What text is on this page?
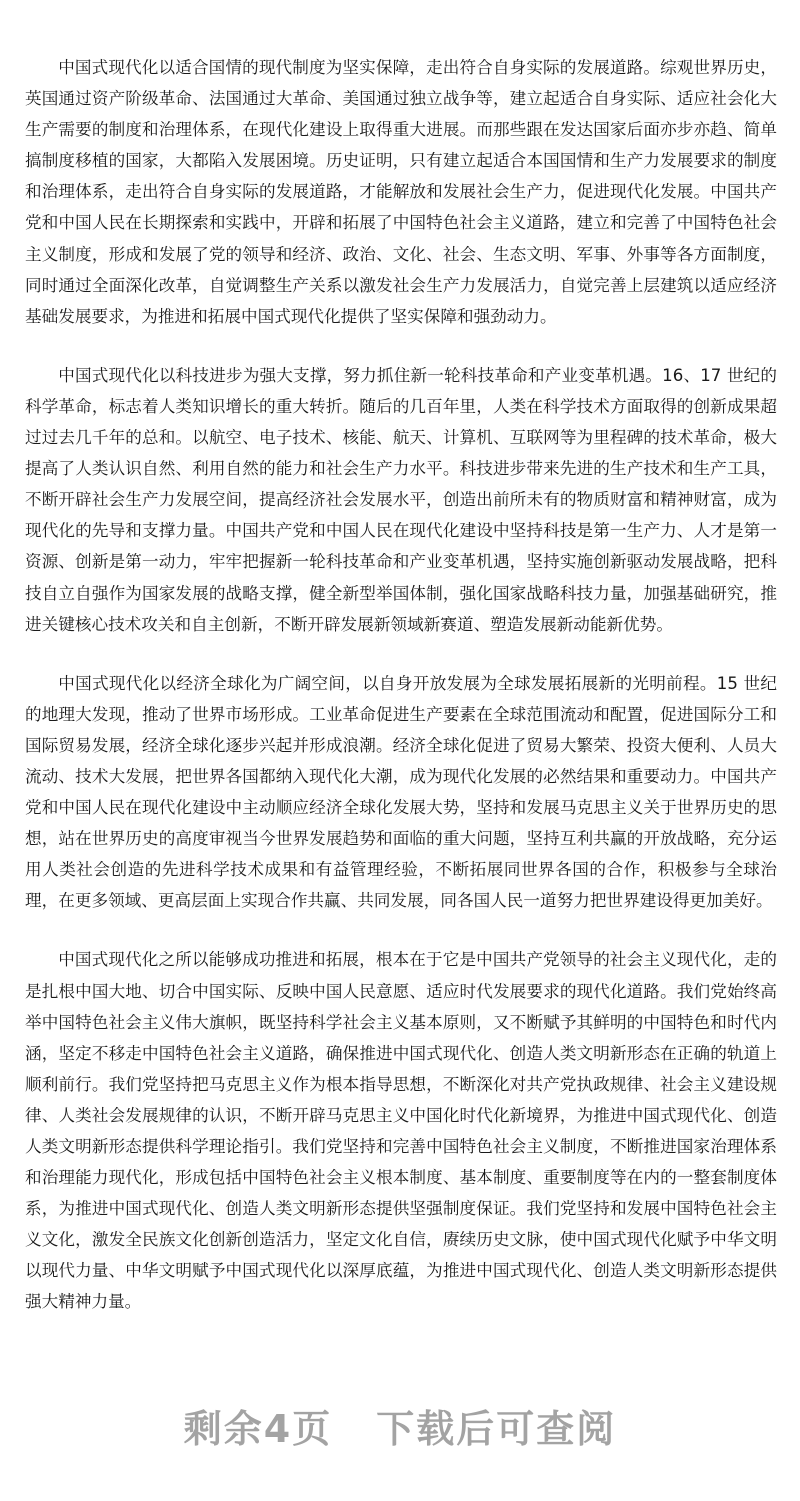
中国式现代化以适合国情的现代制度为坚实保障，走出符合自身实际的发展道路。综观世界历史，英国通过资产阶级革命、法国通过大革命、美国通过独立战争等，建立起适合自身实际、适应社会化大生产需要的制度和治理体系，在现代化建设上取得重大进展。而那些跟在发达国家后面亦步亦趋、简单搞制度移植的国家，大都陷入发展困境。历史证明，只有建立起适合本国国情和生产力发展要求的制度和治理体系，走出符合自身实际的发展道路，才能解放和发展社会生产力，促进现代化发展。中国共产党和中国人民在长期探索和实践中，开辟和拓展了中国特色社会主义道路，建立和完善了中国特色社会主义制度，形成和发展了党的领导和经济、政治、文化、社会、生态文明、军事、外事等各方面制度，同时通过全面深化改革，自觉调整生产关系以激发社会生产力发展活力，自觉完善上层建筑以适应经济基础发展要求，为推进和拓展中国式现代化提供了坚实保障和强劲动力。

中国式现代化以科技进步为强大支撑，努力抓住新一轮科技革命和产业变革机遇。16、17 世纪的科学革命，标志着人类知识增长的重大转折。随后的几百年里，人类在科学技术方面取得的创新成果超过过去几千年的总和。以航空、电子技术、核能、航天、计算机、互联网等为里程碑的技术革命，极大提高了人类认识自然、利用自然的能力和社会生产力水平。科技进步带来先进的生产技术和生产工具，不断开辟社会生产力发展空间，提高经济社会发展水平，创造出前所未有的物质财富和精神财富，成为现代化的先导和支撑力量。中国共产党和中国人民在现代化建设中坚持科技是第一生产力、人才是第一资源、创新是第一动力，牢牢把握新一轮科技革命和产业变革机遇，坚持实施创新驱动发展战略，把科技自立自强作为国家发展的战略支撑，健全新型举国体制，强化国家战略科技力量，加强基础研究，推进关键核心技术攻关和自主创新，不断开辟发展新领域新赛道、塑造发展新动能新优势。

中国式现代化以经济全球化为广阔空间，以自身开放发展为全球发展拓展新的光明前程。15 世纪的地理大发现，推动了世界市场形成。工业革命促进生产要素在全球范围流动和配置，促进国际分工和国际贸易发展，经济全球化逐步兴起并形成浪潮。经济全球化促进了贸易大繁荣、投资大便利、人员大流动、技术大发展，把世界各国都纳入现代化大潮，成为现代化发展的必然结果和重要动力。中国共产党和中国人民在现代化建设中主动顺应经济全球化发展大势，坚持和发展马克思主义关于世界历史的思想，站在世界历史的高度审视当今世界发展趋势和面临的重大问题，坚持互利共赢的开放战略，充分运用人类社会创造的先进科学技术成果和有益管理经验，不断拓展同世界各国的合作，积极参与全球治理，在更多领域、更高层面上实现合作共赢、共同发展，同各国人民一道努力把世界建设得更加美好。

中国式现代化之所以能够成功推进和拓展，根本在于它是中国共产党领导的社会主义现代化，走的是扎根中国大地、切合中国实际、反映中国人民意愿、适应时代发展要求的现代化道路。我们党始终高举中国特色社会主义伟大旗帜，既坚持科学社会主义基本原则，又不断赋予其鲜明的中国特色和时代内涵，坚定不移走中国特色社会主义道路，确保推进中国式现代化、创造人类文明新形态在正确的轨道上顺利前行。我们党坚持把马克思主义作为根本指导思想，不断深化对共产党执政规律、社会主义建设规律、人类社会发展规律的认识，不断开辟马克思主义中国化时代化新境界，为推进中国式现代化、创造人类文明新形态提供科学理论指引。我们党坚持和完善中国特色社会主义制度，不断推进国家治理体系和治理能力现代化，形成包括中国特色社会主义根本制度、基本制度、重要制度等在内的一整套制度体系，为推进中国式现代化、创造人类文明新形态提供坚强制度保证。我们党坚持和发展中国特色社会主义文化，激发全民族文化创新创造活力，坚定文化自信，赓续历史文脉，使中国式现代化赋予中华文明以现代力量、中华文明赋予中国式现代化以深厚底蕴，为推进中国式现代化、创造人类文明新形态提供强大精神力量。

剩余4页 下载后可查阅
